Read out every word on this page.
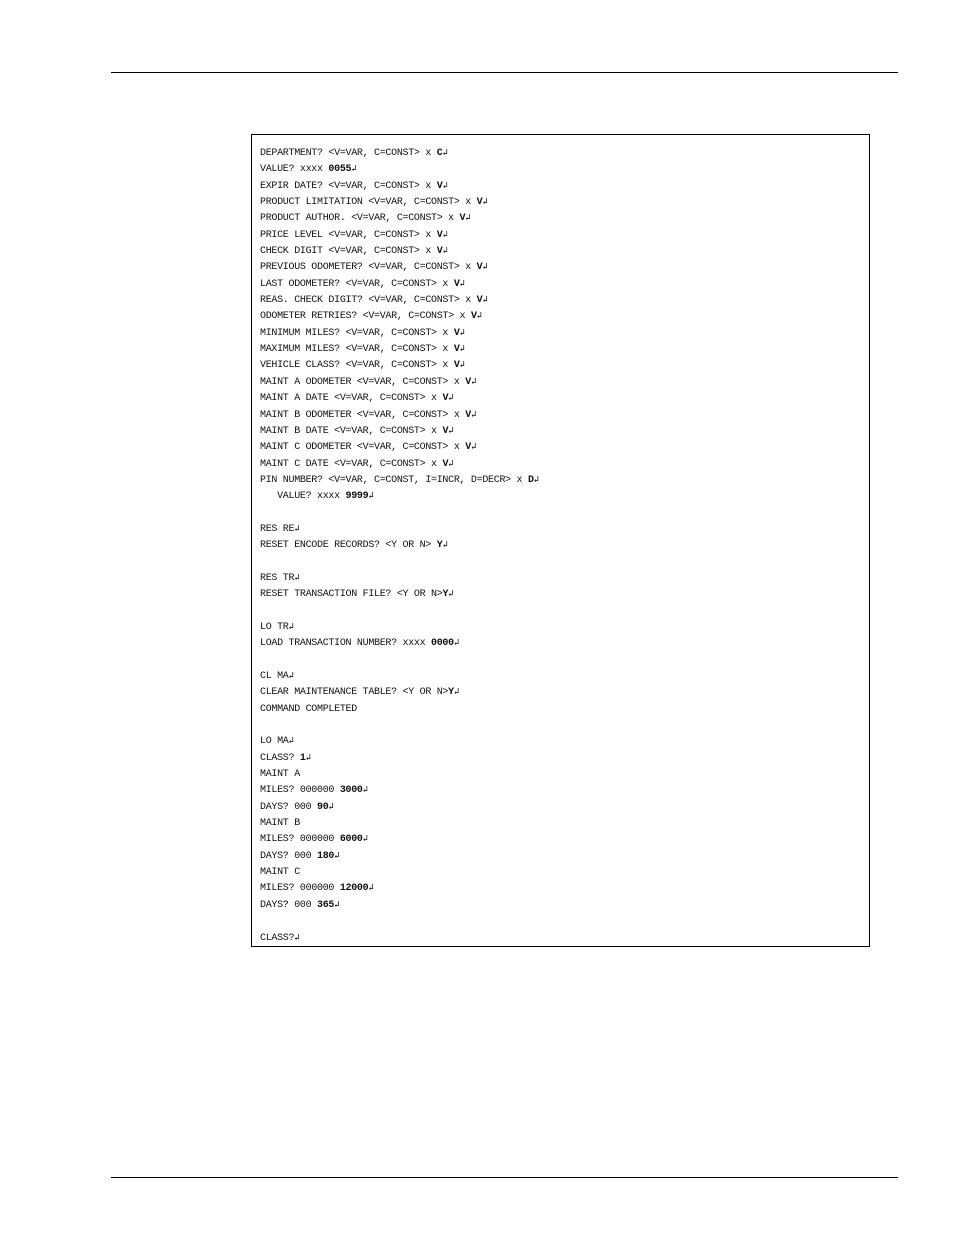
DEPARTMENT? <V=VAR, C=CONST> x C↲
VALUE? xxxx 0055↲
EXPIR DATE? <V=VAR, C=CONST> x V↲
PRODUCT LIMITATION <V=VAR, C=CONST> x V↲
PRODUCT AUTHOR. <V=VAR, C=CONST> x V↲
PRICE LEVEL <V=VAR, C=CONST> x V↲
CHECK DIGIT <V=VAR, C=CONST> x V↲
PREVIOUS ODOMETER? <V=VAR, C=CONST> x V↲
LAST ODOMETER? <V=VAR, C=CONST> x V↲
REAS. CHECK DIGIT? <V=VAR, C=CONST> x V↲
ODOMETER RETRIES? <V=VAR, C=CONST> x V↲
MINIMUM MILES? <V=VAR, C=CONST> x V↲
MAXIMUM MILES? <V=VAR, C=CONST> x V↲
VEHICLE CLASS? <V=VAR, C=CONST> x V↲
MAINT A ODOMETER <V=VAR, C=CONST> x V↲
MAINT A DATE <V=VAR, C=CONST> x V↲
MAINT B ODOMETER <V=VAR, C=CONST> x V↲
MAINT B DATE <V=VAR, C=CONST> x V↲
MAINT C ODOMETER <V=VAR, C=CONST> x V↲
MAINT C DATE <V=VAR, C=CONST> x V↲
PIN NUMBER? <V=VAR, C=CONST, I=INCR, D=DECR> x D↲
VALUE? xxxx 9999↲
RES RE↲
RESET ENCODE RECORDS? <Y OR N> Y↲
RES TR↲
RESET TRANSACTION FILE? <Y OR N>Y↲
LO TR↲
LOAD TRANSACTION NUMBER? xxxx 0000↲
CL MA↲
CLEAR MAINTENANCE TABLE? <Y OR N>Y↲
COMMAND COMPLETED
LO MA↲
CLASS? 1↲
MAINT A
MILES? 000000 3000↲
DAYS? 000 90↲
MAINT B
MILES? 000000 6000↲
DAYS? 000 180↲
MAINT C
MILES? 000000 12000↲
DAYS? 000 365↲
CLASS?↲
